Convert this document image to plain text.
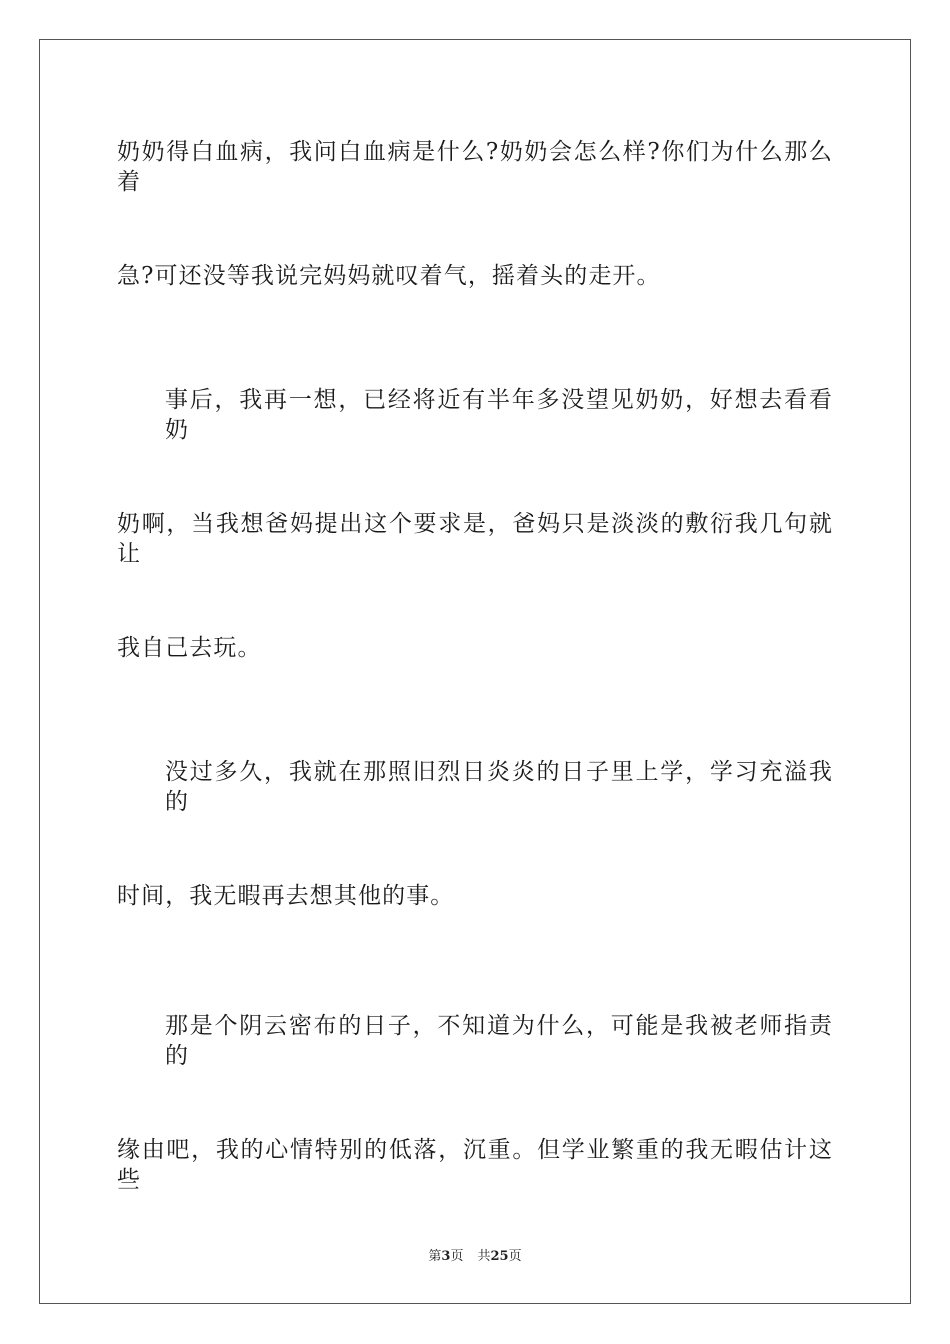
奶奶得白血病，我问白血病是什么?奶奶会怎么样?你们为什么那么着
急?可还没等我说完妈妈就叹着气，摇着头的走开。
事后，我再一想，已经将近有半年多没望见奶奶，好想去看看奶
奶啊，当我想爸妈提出这个要求是，爸妈只是淡淡的敷衍我几句就让
我自己去玩。
没过多久，我就在那照旧烈日炎炎的日子里上学，学习充溢我的
时间，我无暇再去想其他的事。
那是个阴云密布的日子，不知道为什么，可能是我被老师指责的
缘由吧，我的心情特别的低落，沉重。但学业繁重的我无暇估计这些
第3页 共25页
